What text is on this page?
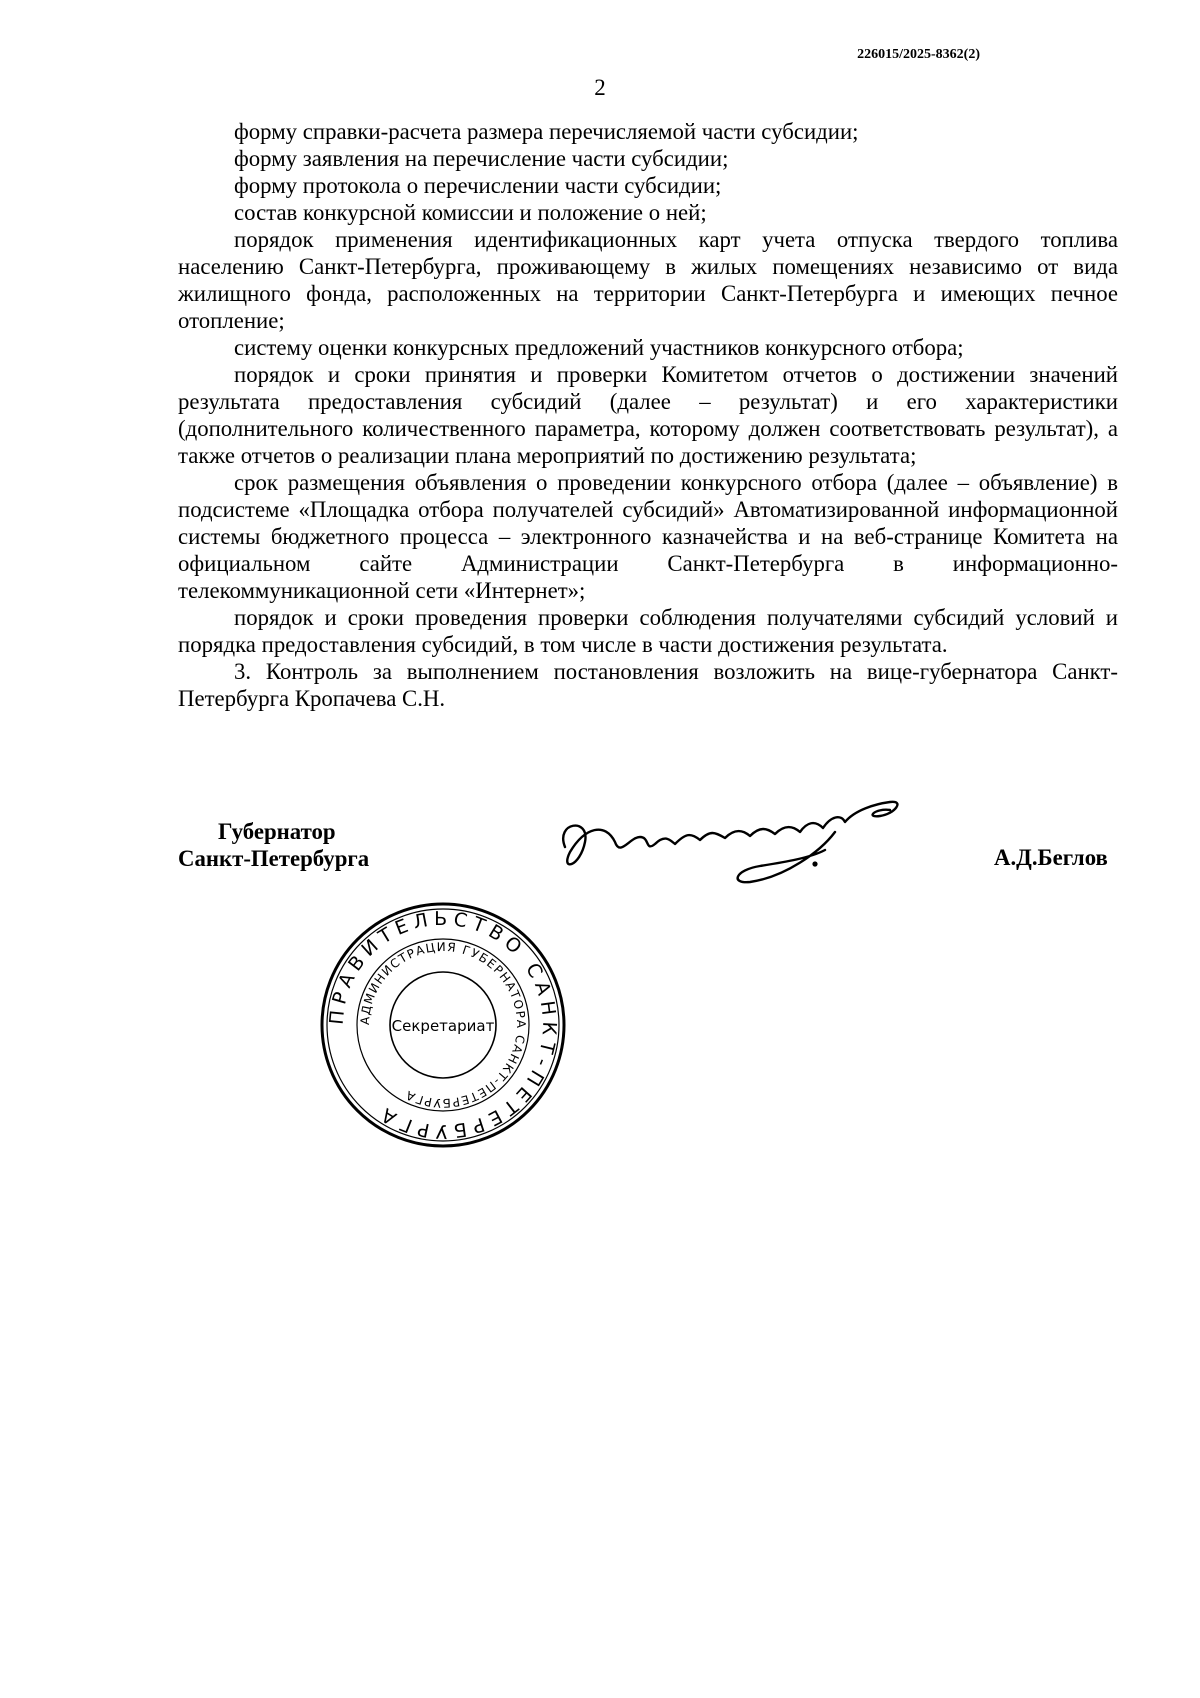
226015/2025-8362(2)
2

форму справки-расчета размера перечисляемой части субсидии;

форму заявления на перечисление части субсидии;

форму протокола о перечислении части субсидии;

состав конкурсной комиссии и положение о ней;

порядок применения идентификационных карт учета отпуска твердого топлива населению Санкт-Петербурга, проживающему в жилых помещениях независимо от вида жилищного фонда, расположенных на территории Санкт-Петербурга и имеющих печное отопление;

систему оценки конкурсных предложений участников конкурсного отбора;

порядок и сроки принятия и проверки Комитетом отчетов о достижении значений результата предоставления субсидий (далее – результат) и его характеристики (дополнительного количественного параметра, которому должен соответствовать результат), а также отчетов о реализации плана мероприятий по достижению результата;

срок размещения объявления о проведении конкурсного отбора (далее – объявление) в подсистеме «Площадка отбора получателей субсидий» Автоматизированной информационной системы бюджетного процесса – электронного казначейства и на веб-странице Комитета на официальном сайте Администрации Санкт-Петербурга в информационно-телекоммуникационной сети «Интернет»;

порядок и сроки проведения проверки соблюдения получателями субсидий условий и порядка предоставления субсидий, в том числе в части достижения результата.

3. Контроль за выполнением постановления возложить на вице-губернатора Санкт-Петербурга Кропачева С.Н.

Губернатор
Санкт-Петербурга	А.Д.Беглов
ПРАВИТЕЛЬСТВО САНКТ-ПЕТЕРБУРГА
АДМИНИСТРАЦИЯ ГУБЕРНАТОРА САНКТ-ПЕТЕРБУРГА
Секретариат
